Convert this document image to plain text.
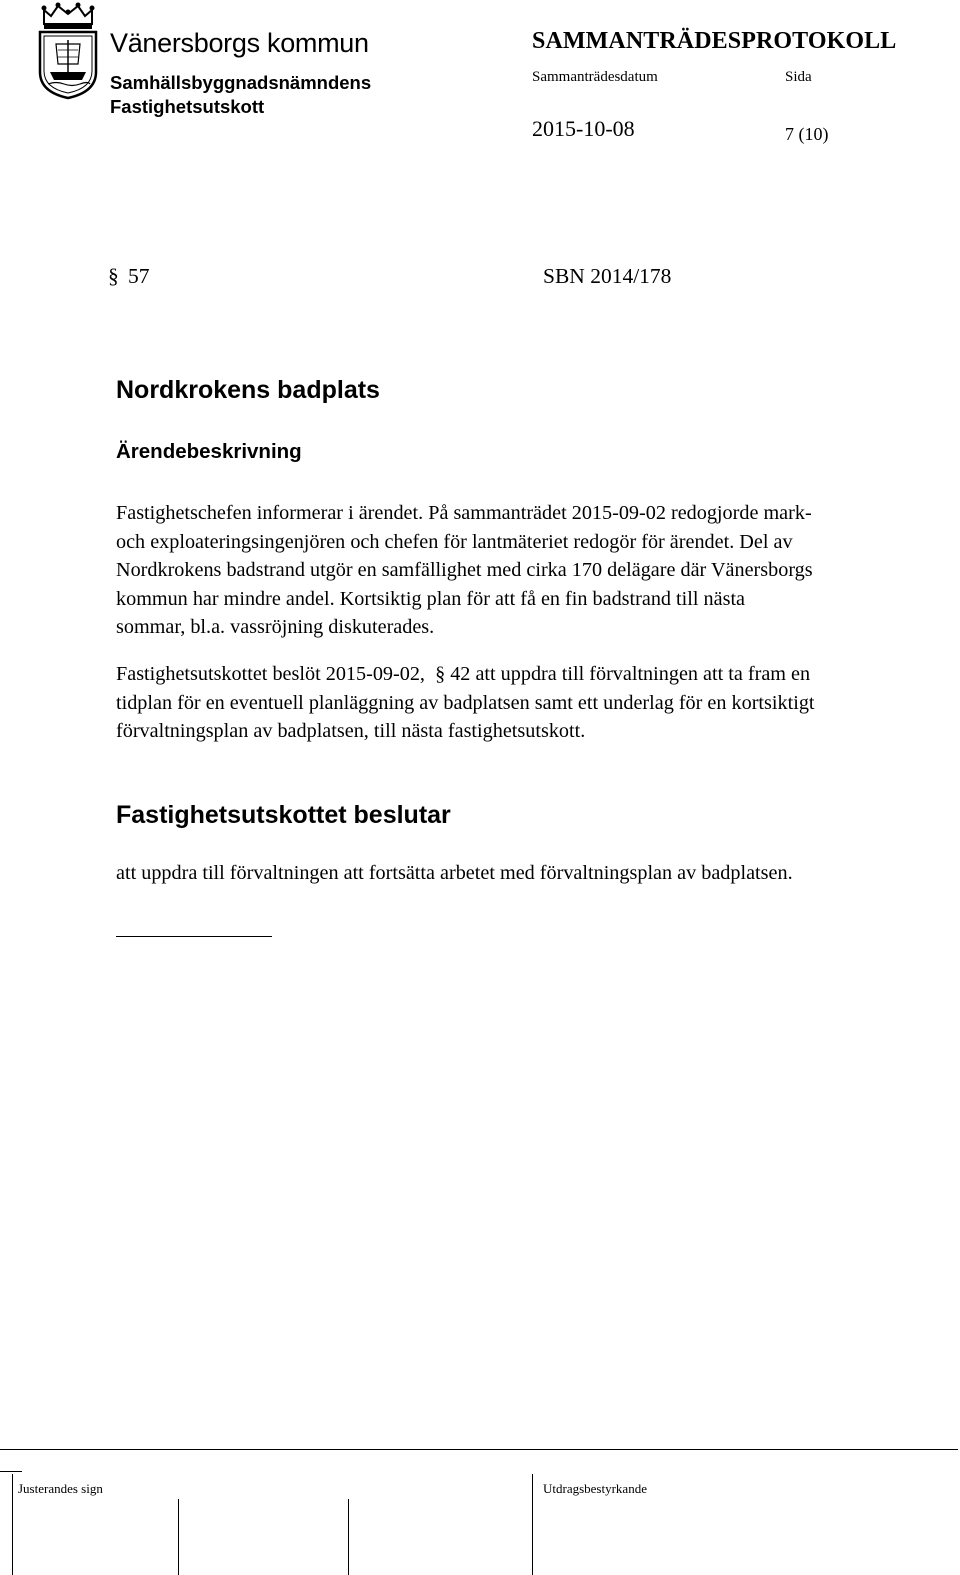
Vänersborgs kommun
Samhällsbyggnadsnämndens
Fastighetsutskott
SAMMANTRÄDESPROTOKOLL
Sammanträdesdatum	Sida
2015-10-08	7 (10)
§ 57	SBN 2014/178
Nordkrokens badplats
Ärendebeskrivning

Fastighetschefen informerar i ärendet. På sammanträdet 2015-09-02 redogjorde mark-

och exploateringsingenjören och chefen för lantmäteriet redogör för ärendet. Del av

Nordkrokens badstrand utgör en samfällighet med cirka 170 delägare där Vänersborgs

kommun har mindre andel. Kortsiktig plan för att få en fin badstrand till nästa

sommar, bl.a. vassröjning diskuterades.

Fastighetsutskottet beslöt 2015-09-02, § 42 att uppdra till förvaltningen att ta fram en

tidplan för en eventuell planläggning av badplatsen samt ett underlag för en kortsiktigt

förvaltningsplan av badplatsen, till nästa fastighetsutskott.

Fastighetsutskottet beslutar
att uppdra till förvaltningen att fortsätta arbetet med förvaltningsplan av badplatsen.
Justerandes sign	Utdragsbestyrkande
